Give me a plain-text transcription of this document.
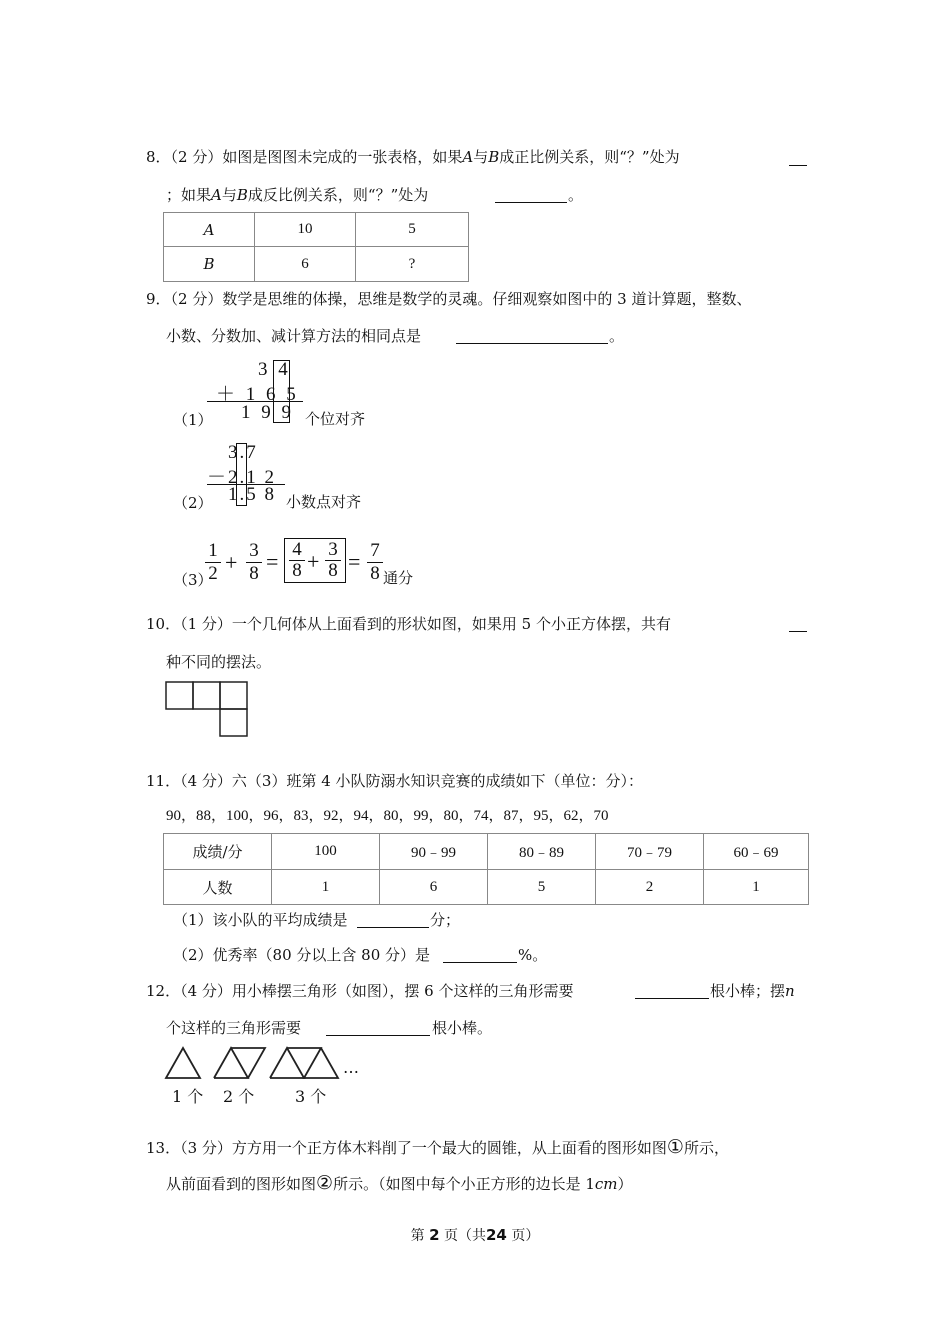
8．（2 分）如图是图图未完成的一张表格，如果A与B成正比例关系，则“？”处为
；如果A与B成反比例关系，则“？”处为	。
A	10	5
B	6	?
9．（2 分）数学是思维的体操，思维是数学的灵魂。仔细观察如图中的 3 道计算题，整数、
小数、分数加、减计算方法的相同点是	。
3 4
＋ 1 6 5
1 9 9
（1）	个位对齐
3.7
－2.1 2
1.5 8
（2）	小数点对齐
（3）
$\frac{1}{2} + \frac{3}{8} = \frac{4}{8} + \frac{3}{8} = \frac{7}{8}$ 通分
10．（1 分）一个几何体从上面看到的形状如图，如果用 5 个小正方体摆，共有
种不同的摆法。
11．（4 分）六（3）班第 4 小队防溺水知识竞赛的成绩如下（单位：分）：
90，88，100，96，83，92，94，80，99，80，74，87，95，62，70
成绩/分	100	90﹣99	80﹣89	70﹣79	60﹣69
人数	1	6	5	2	1
（1）该小队的平均成绩是	分；
（2）优秀率（80 分以上含 80 分）是	%。
12．（4 分）用小棒摆三角形（如图），摆 6 个这样的三角形需要	根小棒；摆n
个这样的三角形需要	根小棒。
…
1 个 2 个	3 个
13．（3 分）方方用一个正方体木料削了一个最大的圆锥，从上面看的图形如图①所示，
从前面看到的图形如图②所示。（如图中每个小正方形的边长是 1cm）
第 2 页（共24 页）
